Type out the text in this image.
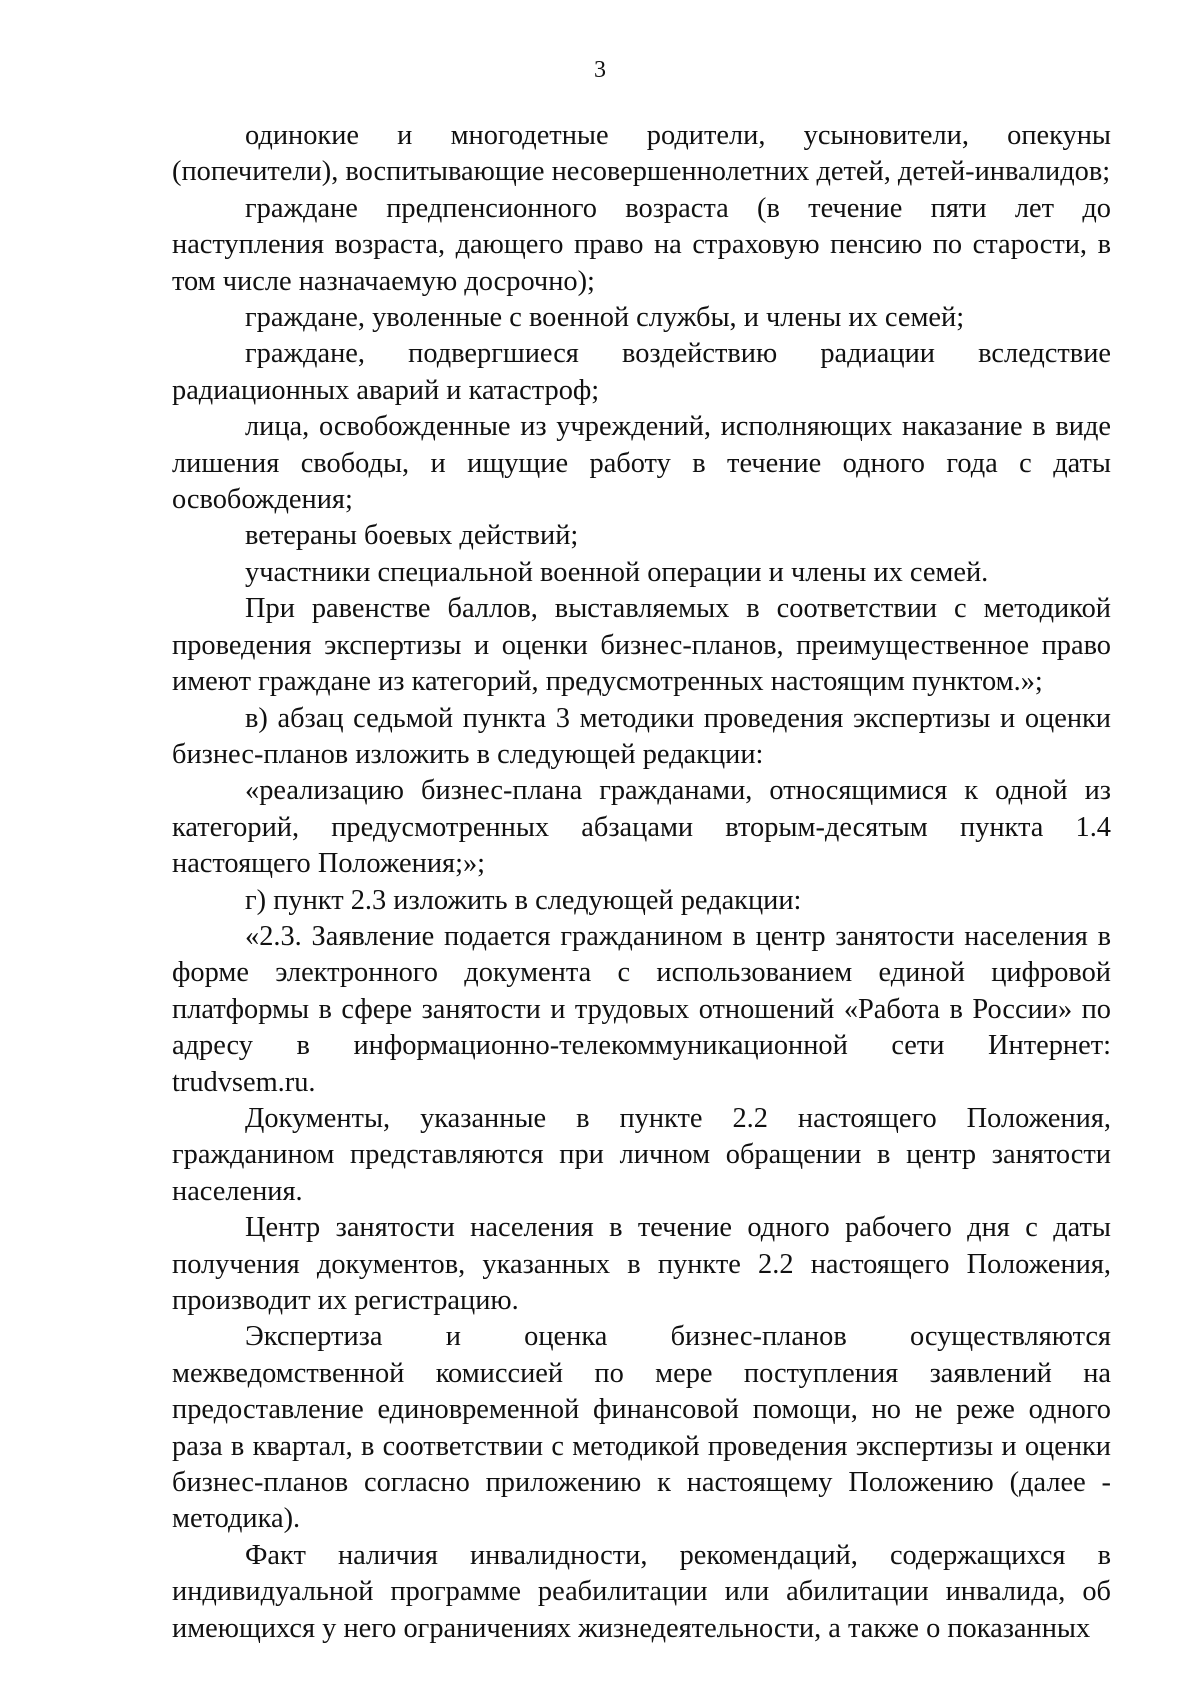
3

одинокие и многодетные родители, усыновители, опекуны (попечители), воспитывающие несовершеннолетних детей, детей-инвалидов;

граждане предпенсионного возраста (в течение пяти лет до наступления возраста, дающего право на страховую пенсию по старости, в том числе назначаемую досрочно);

граждане, уволенные с военной службы, и члены их семей;

граждане, подвергшиеся воздействию радиации вследствие радиационных аварий и катастроф;

лица, освобожденные из учреждений, исполняющих наказание в виде лишения свободы, и ищущие работу в течение одного года с даты освобождения;

ветераны боевых действий;

участники специальной военной операции и члены их семей.

При равенстве баллов, выставляемых в соответствии с методикой проведения экспертизы и оценки бизнес-планов, преимущественное право имеют граждане из категорий, предусмотренных настоящим пунктом.»;

в) абзац седьмой пункта 3 методики проведения экспертизы и оценки бизнес-планов изложить в следующей редакции:

«реализацию бизнес-плана гражданами, относящимися к одной из категорий, предусмотренных абзацами вторым-десятым пункта 1.4 настоящего Положения;»;

г) пункт 2.3 изложить в следующей редакции:

«2.3. Заявление подается гражданином в центр занятости населения в форме электронного документа с использованием единой цифровой платформы в сфере занятости и трудовых отношений «Работа в России» по адресу в информационно-телекоммуникационной сети Интернет: trudvsem.ru.

Документы, указанные в пункте 2.2 настоящего Положения, гражданином представляются при личном обращении в центр занятости населения.

Центр занятости населения в течение одного рабочего дня с даты получения документов, указанных в пункте 2.2 настоящего Положения, производит их регистрацию.

Экспертиза и оценка бизнес-планов осуществляются межведомственной комиссией по мере поступления заявлений на предоставление единовременной финансовой помощи, но не реже одного раза в квартал, в соответствии с методикой проведения экспертизы и оценки бизнес-планов согласно приложению к настоящему Положению (далее - методика).

Факт наличия инвалидности, рекомендаций, содержащихся в индивидуальной программе реабилитации или абилитации инвалида, об имеющихся у него ограничениях жизнедеятельности, а также о показанных
